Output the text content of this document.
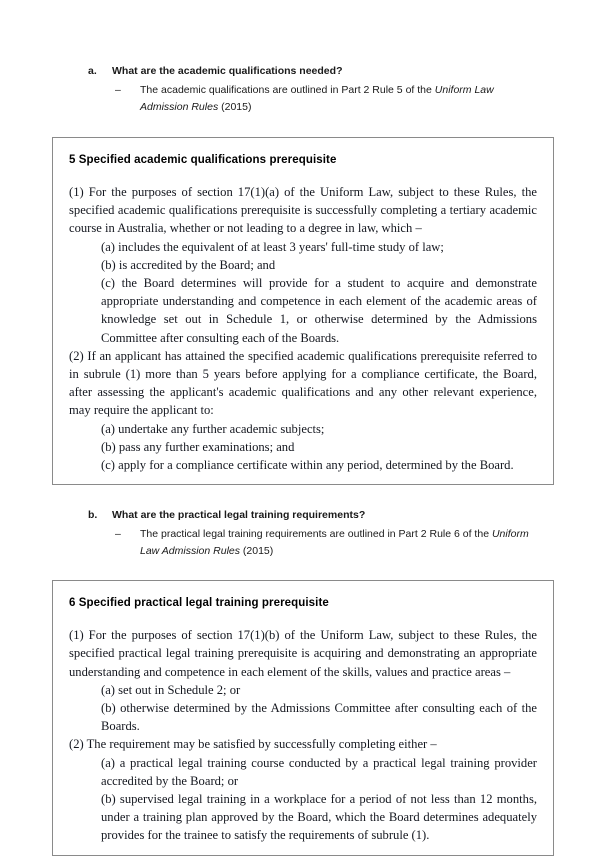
a.	What are the academic qualifications needed?
–	The academic qualifications are outlined in Part 2 Rule 5 of the Uniform Law Admission Rules (2015)
5 Specified academic qualifications prerequisite

(1) For the purposes of section 17(1)(a) of the Uniform Law, subject to these Rules, the specified academic qualifications prerequisite is successfully completing a tertiary academic course in Australia, whether or not leading to a degree in law, which –

(a) includes the equivalent of at least 3 years' full-time study of law;

(b) is accredited by the Board; and

(c) the Board determines will provide for a student to acquire and demonstrate appropriate understanding and competence in each element of the academic areas of knowledge set out in Schedule 1, or otherwise determined by the Admissions Committee after consulting each of the Boards.

(2) If an applicant has attained the specified academic qualifications prerequisite referred to in subrule (1) more than 5 years before applying for a compliance certificate, the Board, after assessing the applicant's academic qualifications and any other relevant experience, may require the applicant to:

(a) undertake any further academic subjects;

(b) pass any further examinations; and

(c) apply for a compliance certificate within any period, determined by the Board.

b.	What are the practical legal training requirements?
–	The practical legal training requirements are outlined in Part 2 Rule 6 of the Uniform Law Admission Rules (2015)
6 Specified practical legal training prerequisite

(1) For the purposes of section 17(1)(b) of the Uniform Law, subject to these Rules, the specified practical legal training prerequisite is acquiring and demonstrating an appropriate understanding and competence in each element of the skills, values and practice areas –

(a) set out in Schedule 2; or

(b) otherwise determined by the Admissions Committee after consulting each of the Boards.

(2) The requirement may be satisfied by successfully completing either –

(a) a practical legal training course conducted by a practical legal training provider accredited by the Board; or

(b) supervised legal training in a workplace for a period of not less than 12 months, under a training plan approved by the Board, which the Board determines adequately provides for the trainee to satisfy the requirements of subrule (1).
